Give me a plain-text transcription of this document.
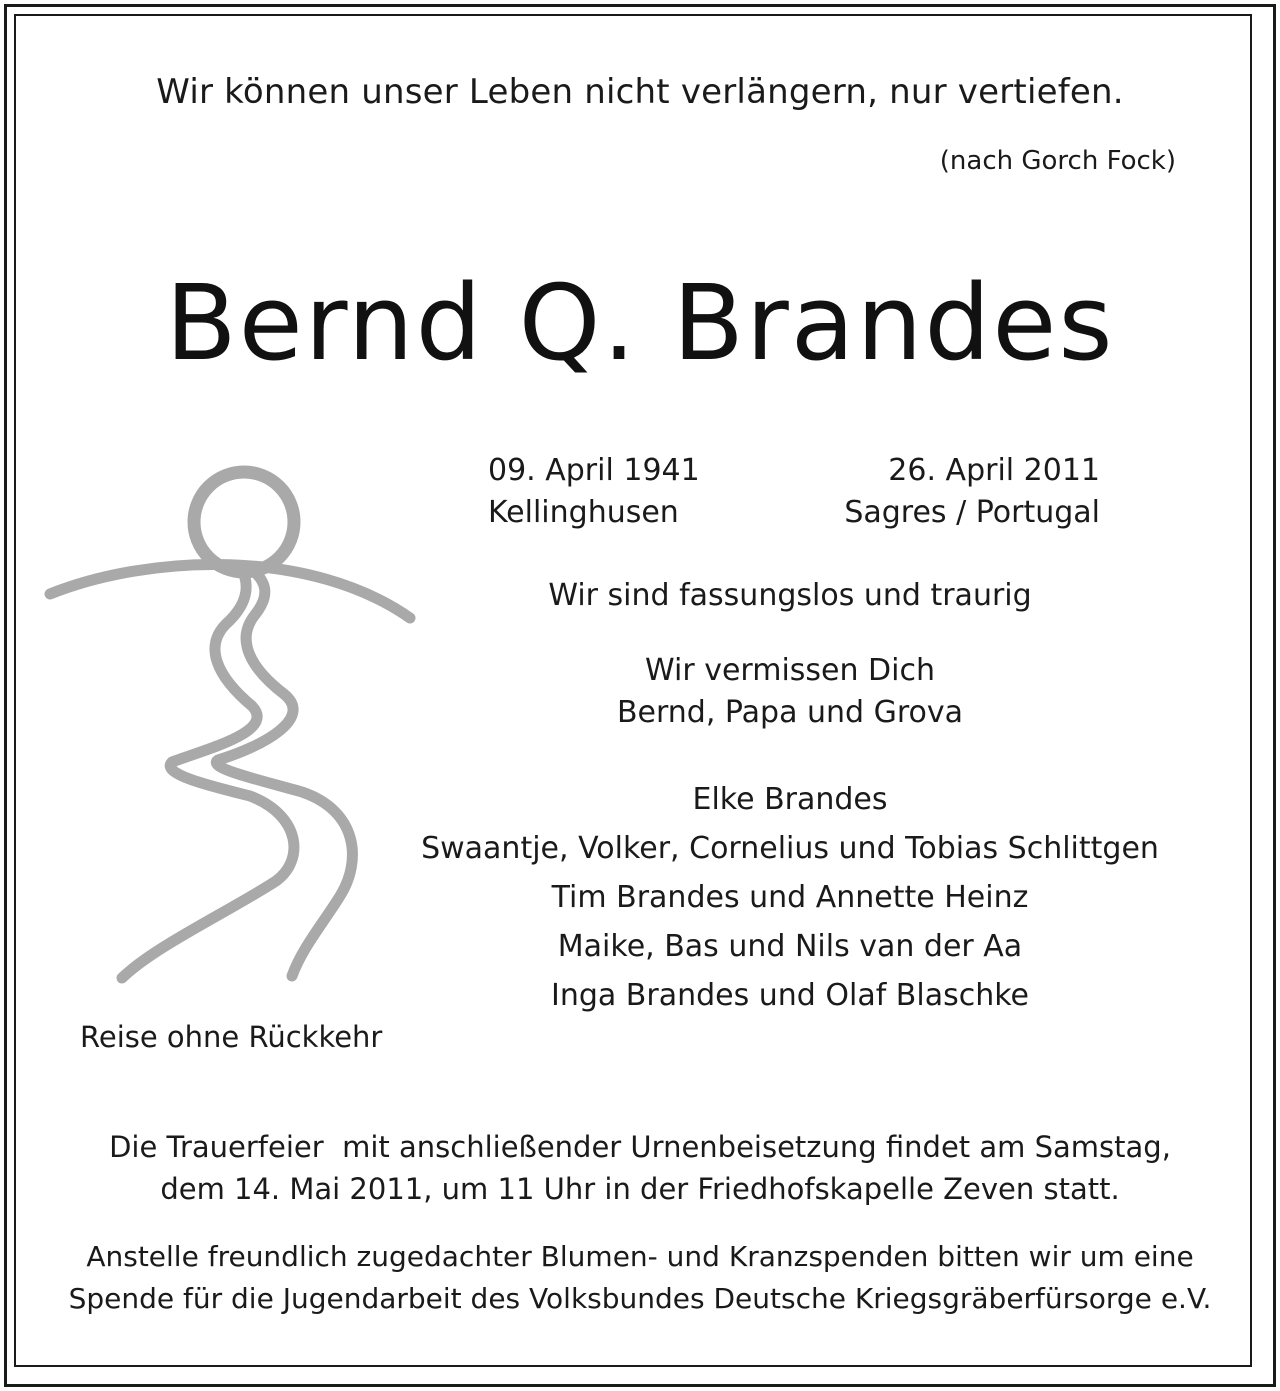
Wir können unser Leben nicht verlängern, nur vertiefen.

(nach Gorch Fock)

Bernd Q. Brandes
09. April 1941
Kellinghusen
26. April 2011
Sagres / Portugal
Wir sind fassungslos und traurig
Wir vermissen Dich
Bernd, Papa und Grova
Elke Brandes
Swaantje, Volker, Cornelius und Tobias Schlittgen
Tim Brandes und Annette Heinz
Maike, Bas und Nils van der Aa
Inga Brandes und Olaf Blaschke

Reise ohne Rückkehr

Die Trauerfeier  mit anschließender Urnenbeisetzung findet am Samstag,
dem 14. Mai 2011, um 11 Uhr in der Friedhofskapelle Zeven statt.
Anstelle freundlich zugedachter Blumen- und Kranzspenden bitten wir um eine
Spende für die Jugendarbeit des Volksbundes Deutsche Kriegsgräberfürsorge e.V.
